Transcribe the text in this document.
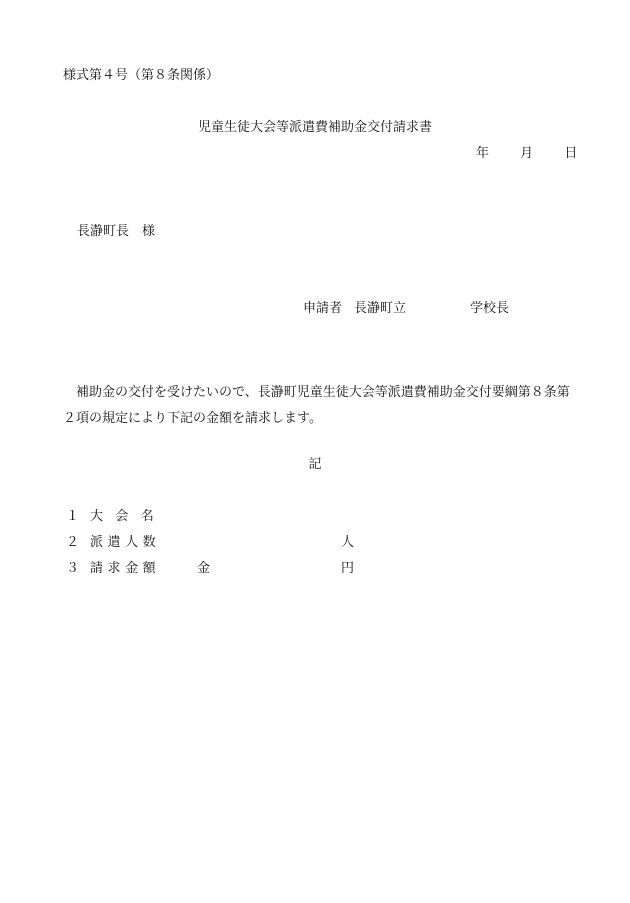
様式第４号（第８条関係）
児童生徒大会等派遣費補助金交付請求書
年 月 日
長瀞町長 様
申請者 長瀞町立	学校長
補助金の交付を受けたいので、長瀞町児童生徒大会等派遣費補助金交付要綱第８条第２項の規定により下記の金額を請求します。
記
１ 大会名
２ 派遣人数	人
３ 請求金額	金	円
